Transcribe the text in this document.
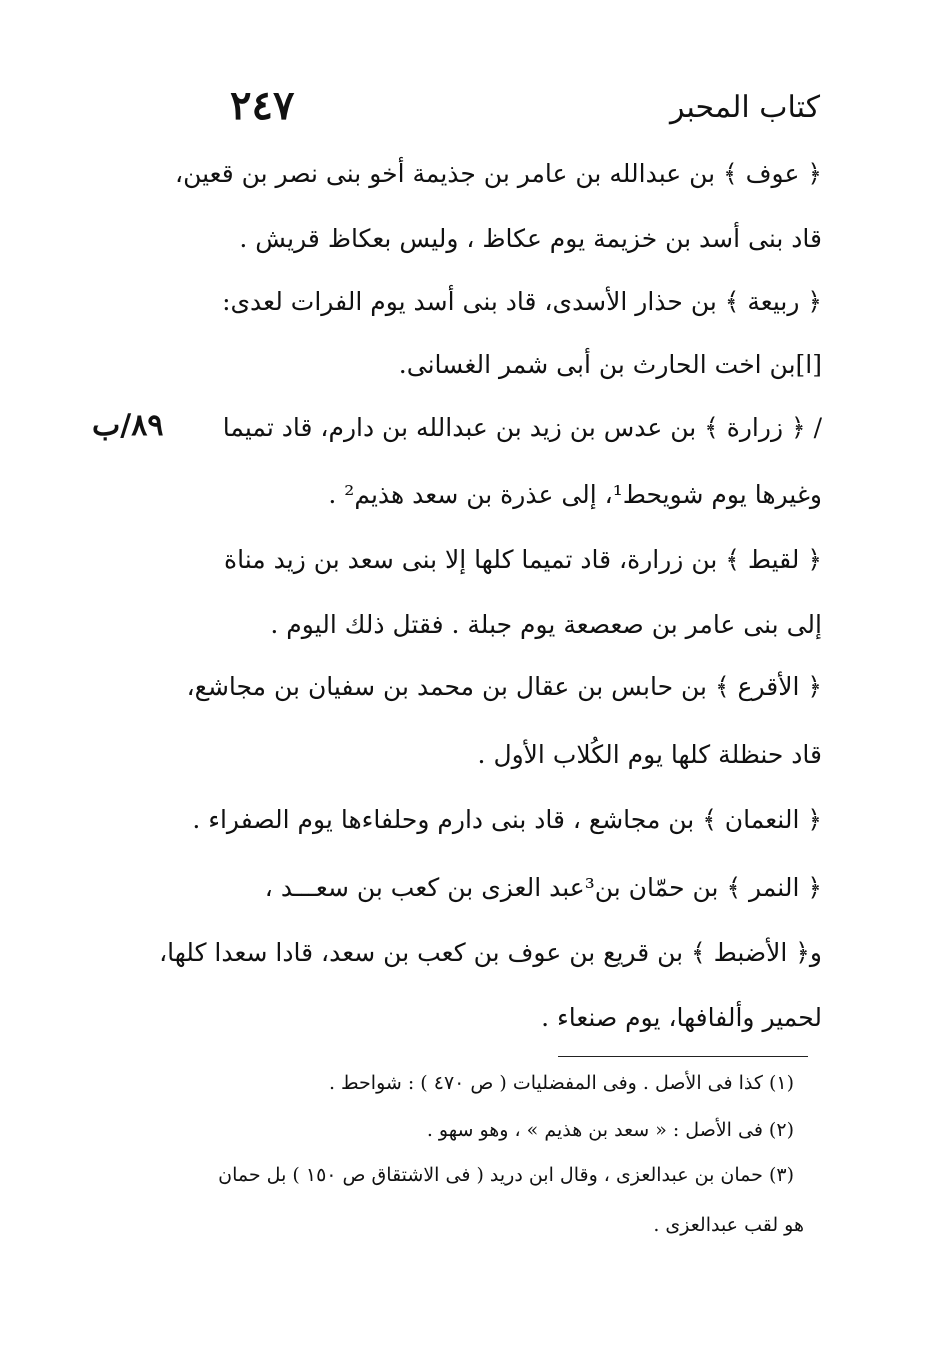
٢٤٧	كتاب المحبر
٨٩/ب
﴿ عوف ﴾ بن عبدالله بن عامر بن جذيمة أخو بنى نصر بن قعين،
قاد بنى أسد بن خزيمة يوم عكاظ ، وليس بعكاظ قريش .
﴿ ربيعة ﴾ بن حذار الأسدى، قاد بنى أسد يوم الفرات لعدى:
[ا]بن اخت الحارث بن أبى شمر الغسانى.
/ ﴿ زرارة ﴾ بن عدس بن زيد بن عبدالله بن دارم، قاد تميما
وغيرها يوم شويحط¹، إلى عذرة بن سعد هذيم² .
﴿ لقيط ﴾ بن زرارة، قاد تميما كلها إلا بنى سعد بن زيد مناة
إلى بنى عامر بن صعصعة يوم جبلة . فقتل ذلك اليوم .
﴿ الأقرع ﴾ بن حابس بن عقال بن محمد بن سفيان بن مجاشع،
قاد حنظلة كلها يوم الكُلاب الأول .
﴿ النعمان ﴾ بن مجاشع ، قاد بنى دارم وحلفاءها يوم الصفراء .
﴿ النمر ﴾ بن حمّان بن³عبد العزى بن كعب بن سعـــد ،
و﴿ الأضبط ﴾ بن قريع بن عوف بن كعب بن سعد، قادا سعدا كلها،
لحمير وألفافها، يوم صنعاء .
(١) كذا فى الأصل . وفى المفضليات ( ص ٤٧٠ ) : شواحط .
(٢) فى الأصل : « سعد بن هذيم » ، وهو سهو .
(٣) حمان بن عبدالعزى ، وقال ابن دريد ( فى الاشتقاق ص ١٥٠ ) بل حمان
هو لقب عبدالعزى .
